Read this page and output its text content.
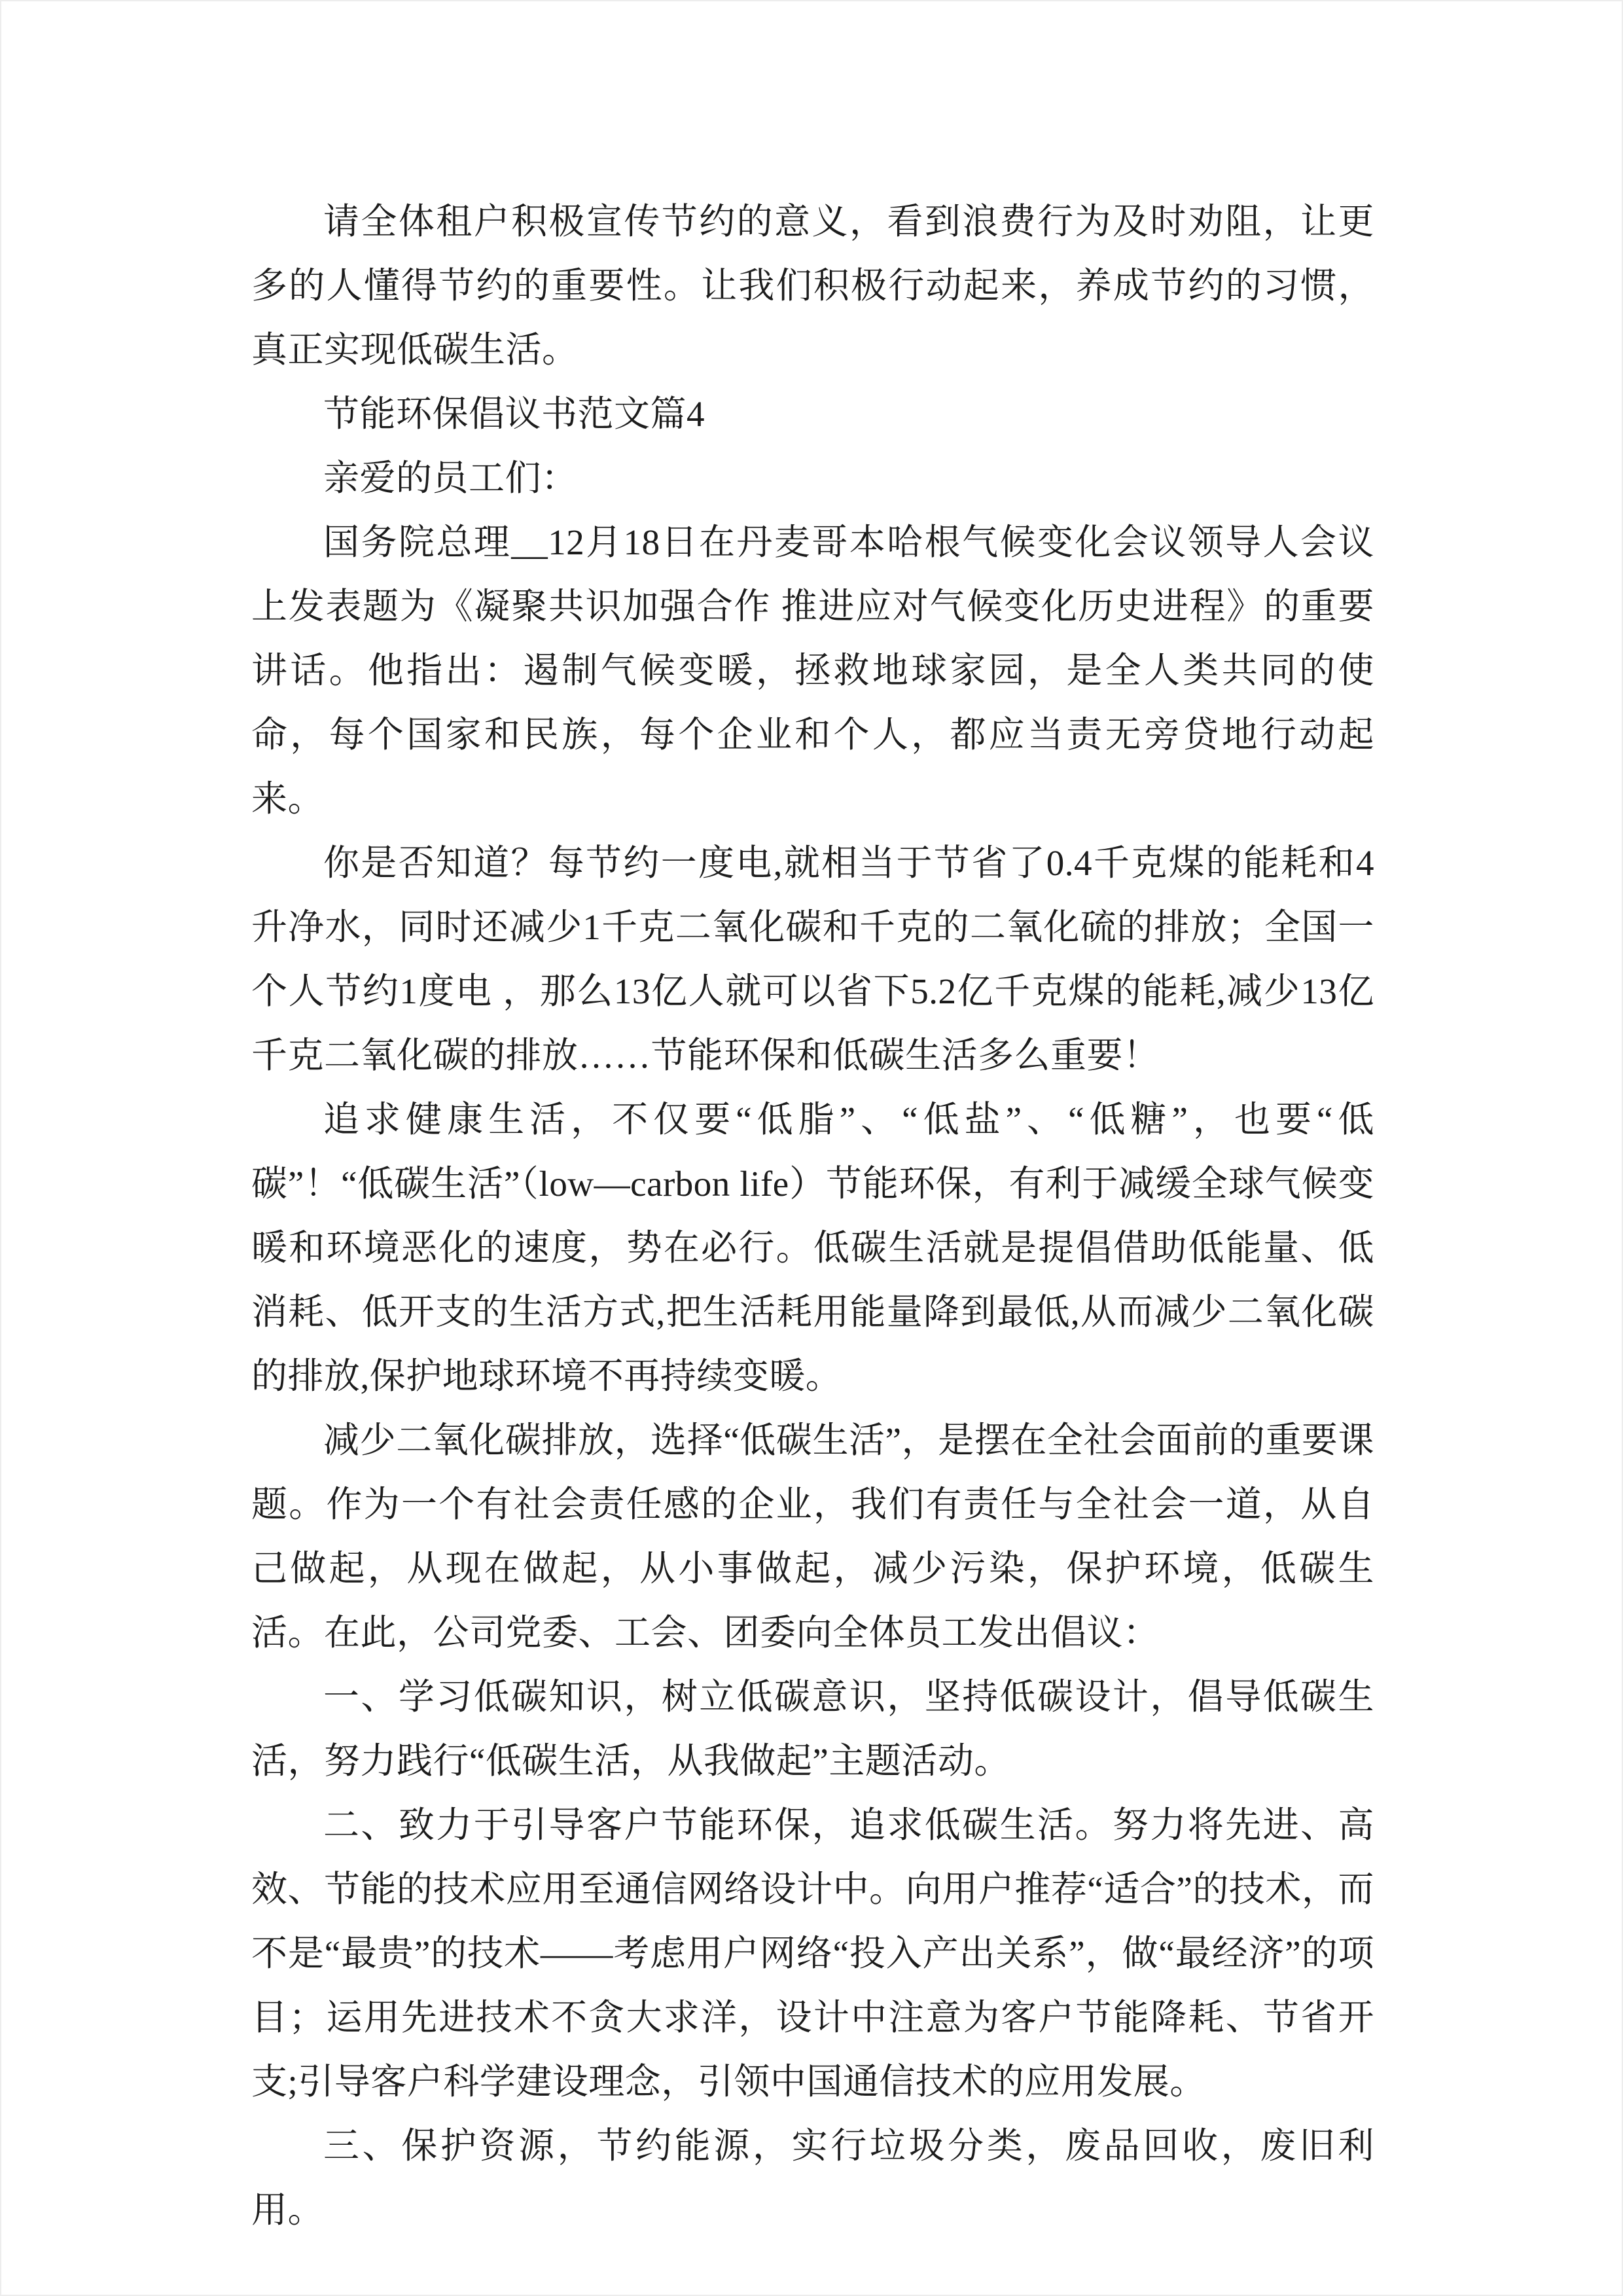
请全体租户积极宣传节约的意义，看到浪费行为及时劝阻，让更多的人懂得节约的重要性。让我们积极行动起来，养成节约的习惯，真正实现低碳生活。

节能环保倡议书范文篇4

亲爱的员工们：

国务院总理__12月18日在丹麦哥本哈根气候变化会议领导人会议上发表题为《凝聚共识加强合作 推进应对气候变化历史进程》的重要讲话。他指出：遏制气候变暖，拯救地球家园，是全人类共同的使命，每个国家和民族，每个企业和个人，都应当责无旁贷地行动起来。

你是否知道？每节约一度电,就相当于节省了0.4千克煤的能耗和4升净水，同时还减少1千克二氧化碳和千克的二氧化硫的排放；全国一个人节约1度电 ，那么13亿人就可以省下5.2亿千克煤的能耗,减少13亿千克二氧化碳的排放……节能环保和低碳生活多么重要！

追求健康生活，不仅要“低脂”、“低盐”、“低糖”，也要“低碳”！“低碳生活”（low—carbon life）节能环保，有利于减缓全球气候变暖和环境恶化的速度，势在必行。低碳生活就是提倡借助低能量、低消耗、低开支的生活方式,把生活耗用能量降到最低,从而减少二氧化碳的排放,保护地球环境不再持续变暖。

减少二氧化碳排放，选择“低碳生活”，是摆在全社会面前的重要课题。作为一个有社会责任感的企业，我们有责任与全社会一道，从自己做起，从现在做起，从小事做起，减少污染，保护环境，低碳生活。在此，公司党委、工会、团委向全体员工发出倡议：

一、学习低碳知识，树立低碳意识，坚持低碳设计，倡导低碳生活，努力践行“低碳生活，从我做起”主题活动。

二、致力于引导客户节能环保，追求低碳生活。努力将先进、高效、节能的技术应用至通信网络设计中。向用户推荐“适合”的技术，而不是“最贵”的技术——考虑用户网络“投入产出关系”，做“最经济”的项目；运用先进技术不贪大求洋，设计中注意为客户节能降耗、节省开支;引导客户科学建设理念，引领中国通信技术的应用发展。

三、保护资源，节约能源，实行垃圾分类，废品回收，废旧利用。
